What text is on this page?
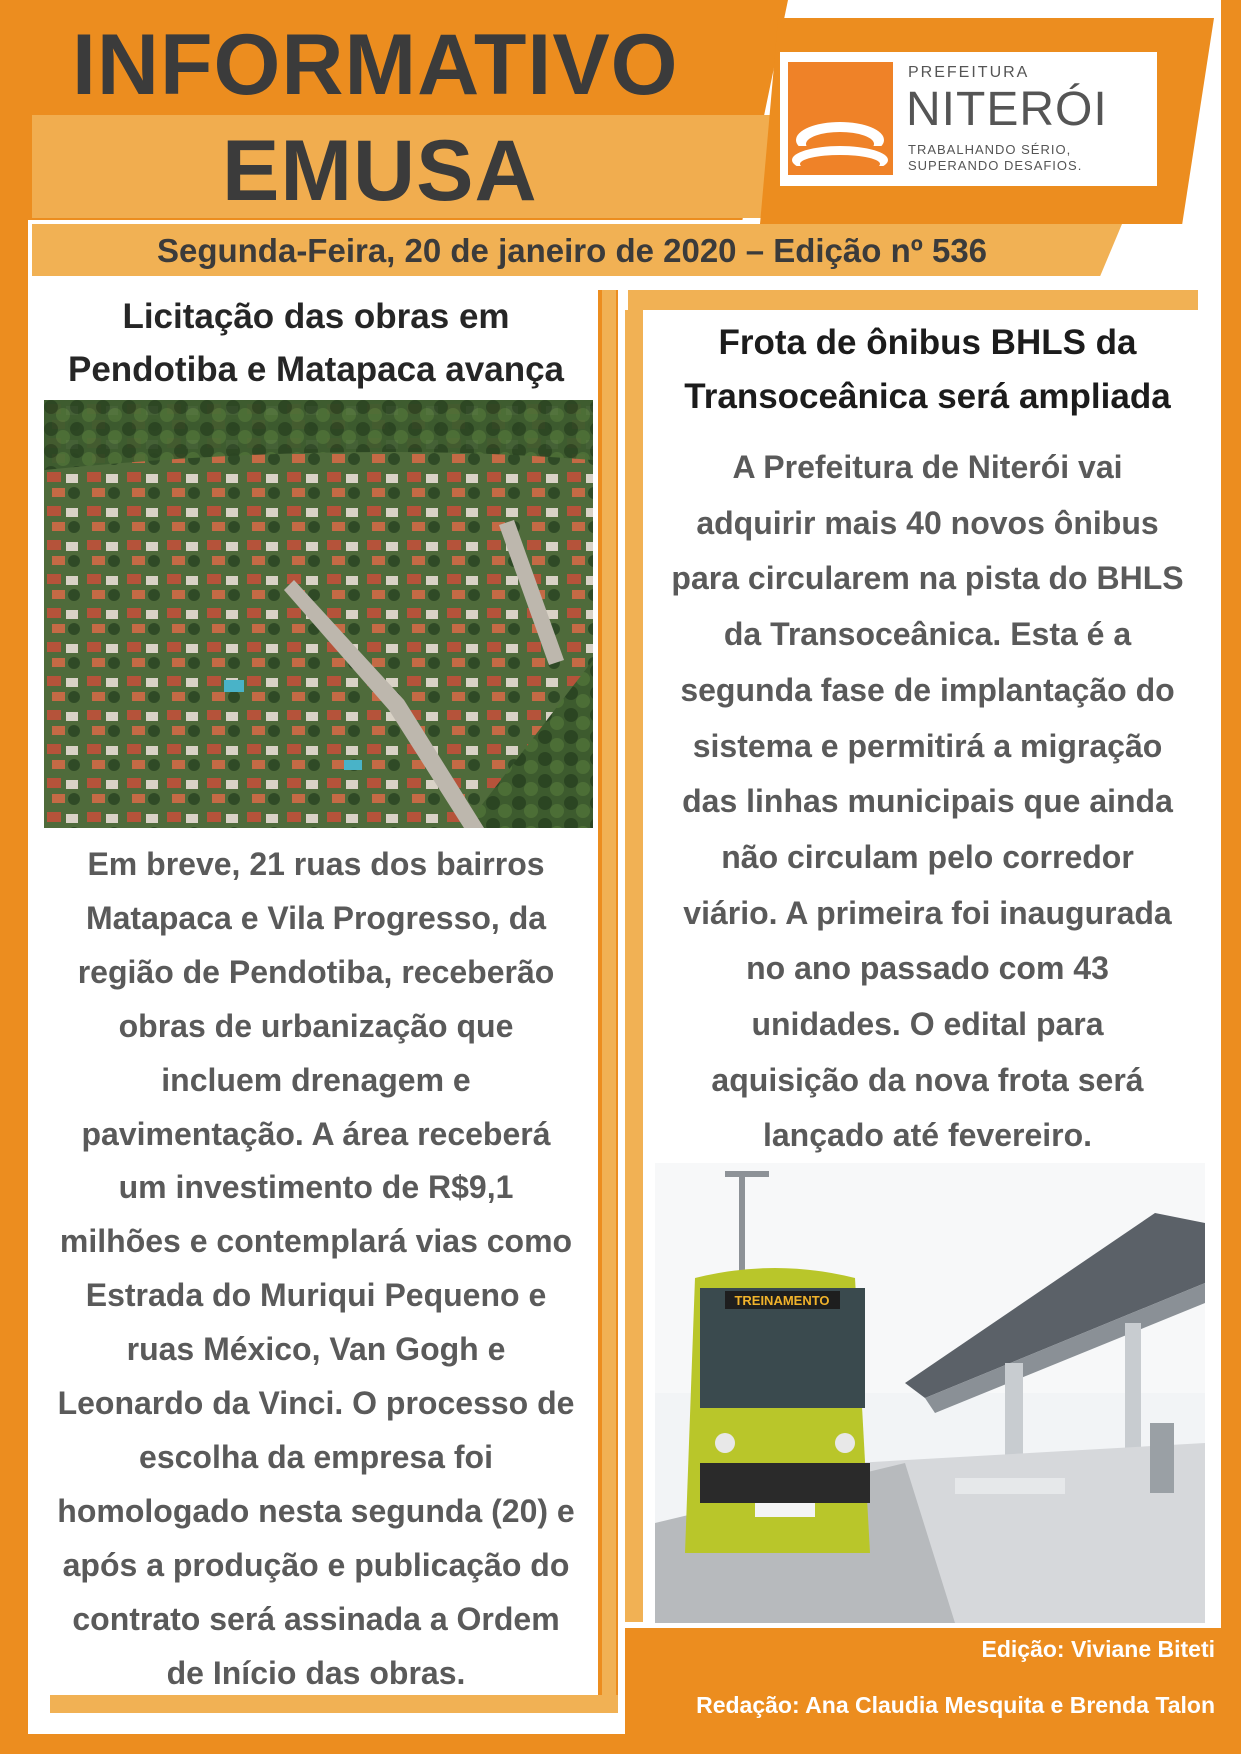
INFORMATIVO
EMUSA
PREFEITURA
NITERÓI
TRABALHANDO SÉRIO,
SUPERANDO DESAFIOS.
Segunda-Feira, 20 de janeiro de 2020 – Edição nº 536
Licitação das obras em
Pendotiba e Matapaca avança
Em breve, 21 ruas dos bairros
Matapaca e Vila Progresso, da
região de Pendotiba, receberão
obras de urbanização que
incluem drenagem e
pavimentação. A área receberá
um investimento de R$9,1
milhões e contemplará vias como
Estrada do Muriqui Pequeno e
ruas México, Van Gogh e
Leonardo da Vinci. O processo de
escolha da empresa foi
homologado nesta segunda (20) e
após a produção e publicação do
contrato será assinada a Ordem
de Início das obras.
Frota de ônibus BHLS da
Transoceânica será ampliada
A Prefeitura de Niterói vai
adquirir mais 40 novos ônibus
para circularem na pista do BHLS
da Transoceânica. Esta é a
segunda fase de implantação do
sistema e permitirá a migração
das linhas municipais que ainda
não circulam pelo corredor
viário. A primeira foi inaugurada
no ano passado com 43
unidades. O edital para
aquisição da nova frota será
lançado até fevereiro.
TREINAMENTO
Edição: Viviane Biteti
Redação: Ana Claudia Mesquita e Brenda Talon
